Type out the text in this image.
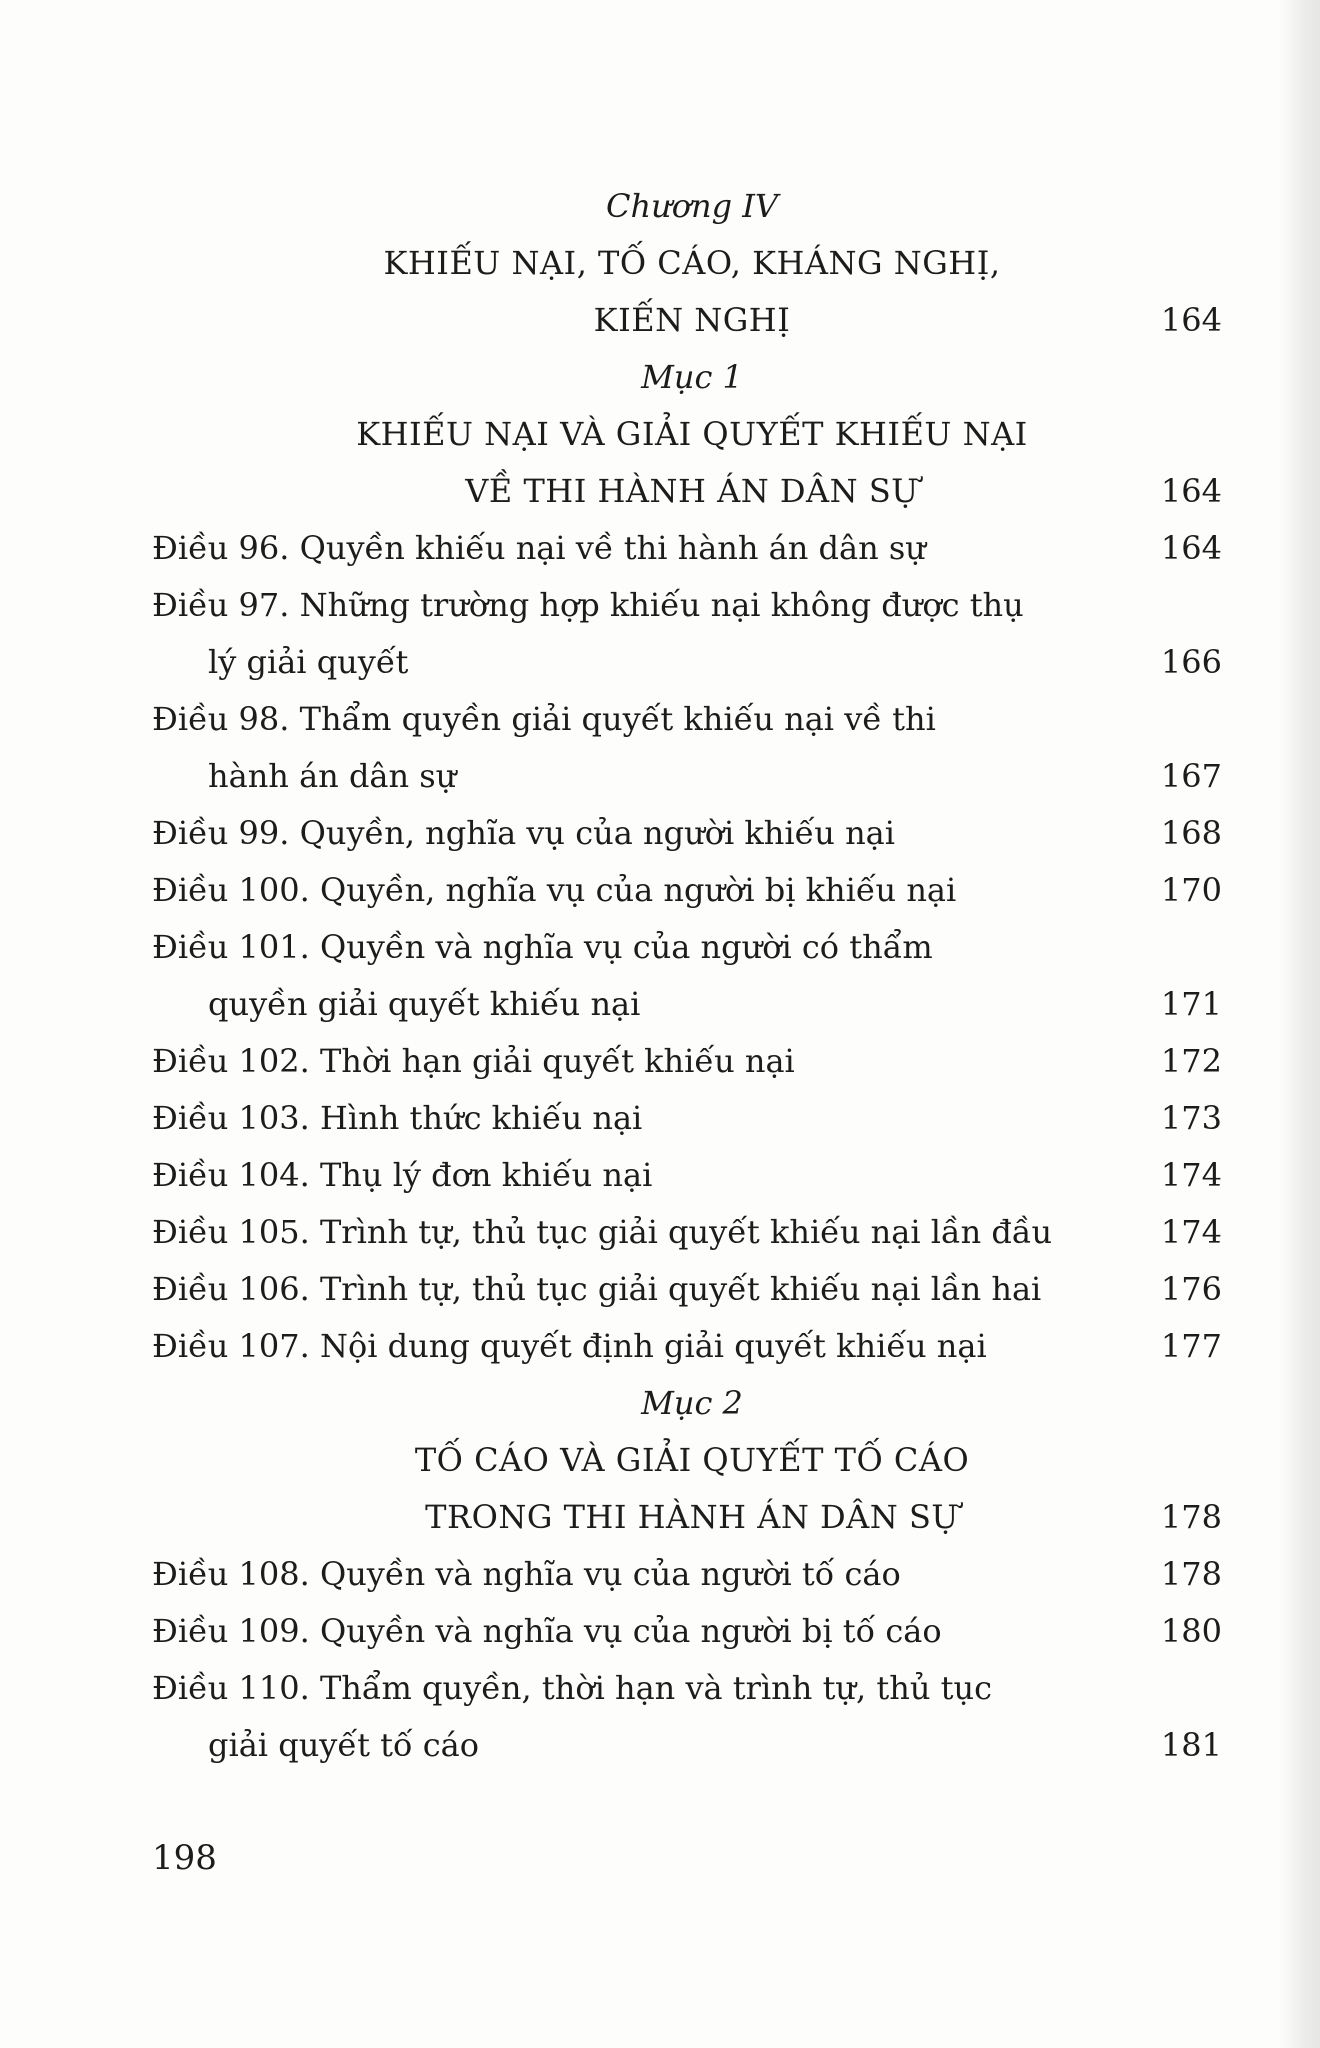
Chương IV
KHIẾU NẠI, TỐ CÁO, KHÁNG NGHỊ,
KIẾN NGHỊ	164
Mục 1
KHIẾU NẠI VÀ GIẢI QUYẾT KHIẾU NẠI
VỀ THI HÀNH ÁN DÂN SỰ	164
Điều 96. Quyền khiếu nại về thi hành án dân sự	164
Điều 97. Những trường hợp khiếu nại không được thụ
lý giải quyết	166
Điều 98. Thẩm quyền giải quyết khiếu nại về thi
hành án dân sự	167
Điều 99. Quyền, nghĩa vụ của người khiếu nại	168
Điều 100. Quyền, nghĩa vụ của người bị khiếu nại	170
Điều 101. Quyền và nghĩa vụ của người có thẩm
quyền giải quyết khiếu nại	171
Điều 102. Thời hạn giải quyết khiếu nại	172
Điều 103. Hình thức khiếu nại	173
Điều 104. Thụ lý đơn khiếu nại	174
Điều 105. Trình tự, thủ tục giải quyết khiếu nại lần đầu	174
Điều 106. Trình tự, thủ tục giải quyết khiếu nại lần hai	176
Điều 107. Nội dung quyết định giải quyết khiếu nại	177
Mục 2
TỐ CÁO VÀ GIẢI QUYẾT TỐ CÁO
TRONG THI HÀNH ÁN DÂN SỰ	178
Điều 108. Quyền và nghĩa vụ của người tố cáo	178
Điều 109. Quyền và nghĩa vụ của người bị tố cáo	180
Điều 110. Thẩm quyền, thời hạn và trình tự, thủ tục
giải quyết tố cáo	181
198
